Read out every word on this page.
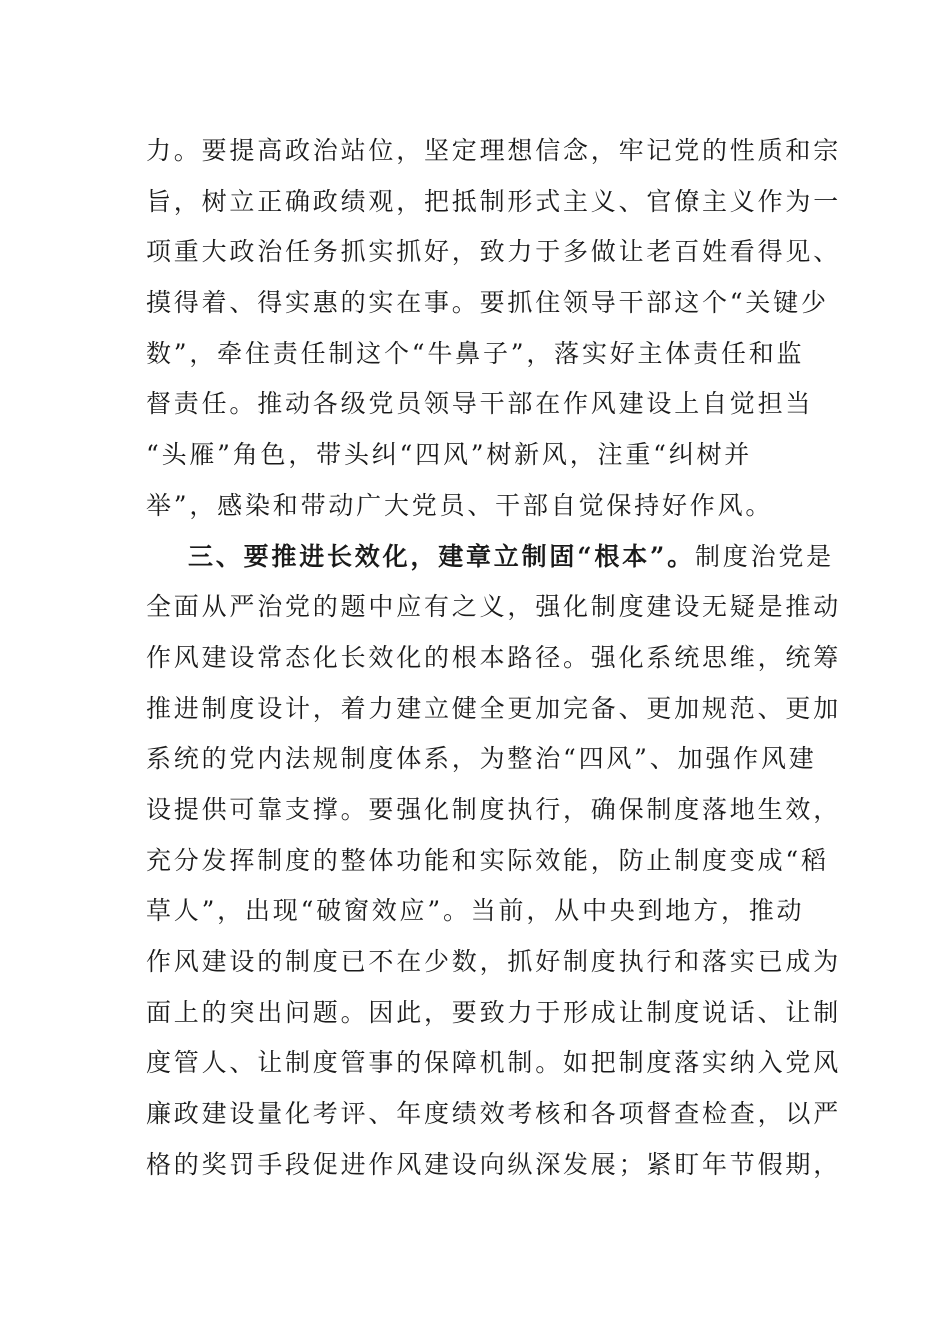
力。要提高政治站位，坚定理想信念，牢记党的性质和宗
旨，树立正确政绩观，把抵制形式主义、官僚主义作为一
项重大政治任务抓实抓好，致力于多做让老百姓看得见、
摸得着、得实惠的实在事。要抓住领导干部这个“关键少
数”，牵住责任制这个“牛鼻子”，落实好主体责任和监
督责任。推动各级党员领导干部在作风建设上自觉担当
“头雁”角色，带头纠“四风”树新风，注重“纠树并
举”，感染和带动广大党员、干部自觉保持好作风。
三、要推进长效化，建章立制固“根本”。制度治党是
全面从严治党的题中应有之义，强化制度建设无疑是推动
作风建设常态化长效化的根本路径。强化系统思维，统筹
推进制度设计，着力建立健全更加完备、更加规范、更加
系统的党内法规制度体系，为整治“四风”、加强作风建
设提供可靠支撑。要强化制度执行，确保制度落地生效，
充分发挥制度的整体功能和实际效能，防止制度变成“稻
草人”，出现“破窗效应”。当前，从中央到地方，推动
作风建设的制度已不在少数，抓好制度执行和落实已成为
面上的突出问题。因此，要致力于形成让制度说话、让制
度管人、让制度管事的保障机制。如把制度落实纳入党风
廉政建设量化考评、年度绩效考核和各项督查检查，以严
格的奖罚手段促进作风建设向纵深发展；紧盯年节假期，
